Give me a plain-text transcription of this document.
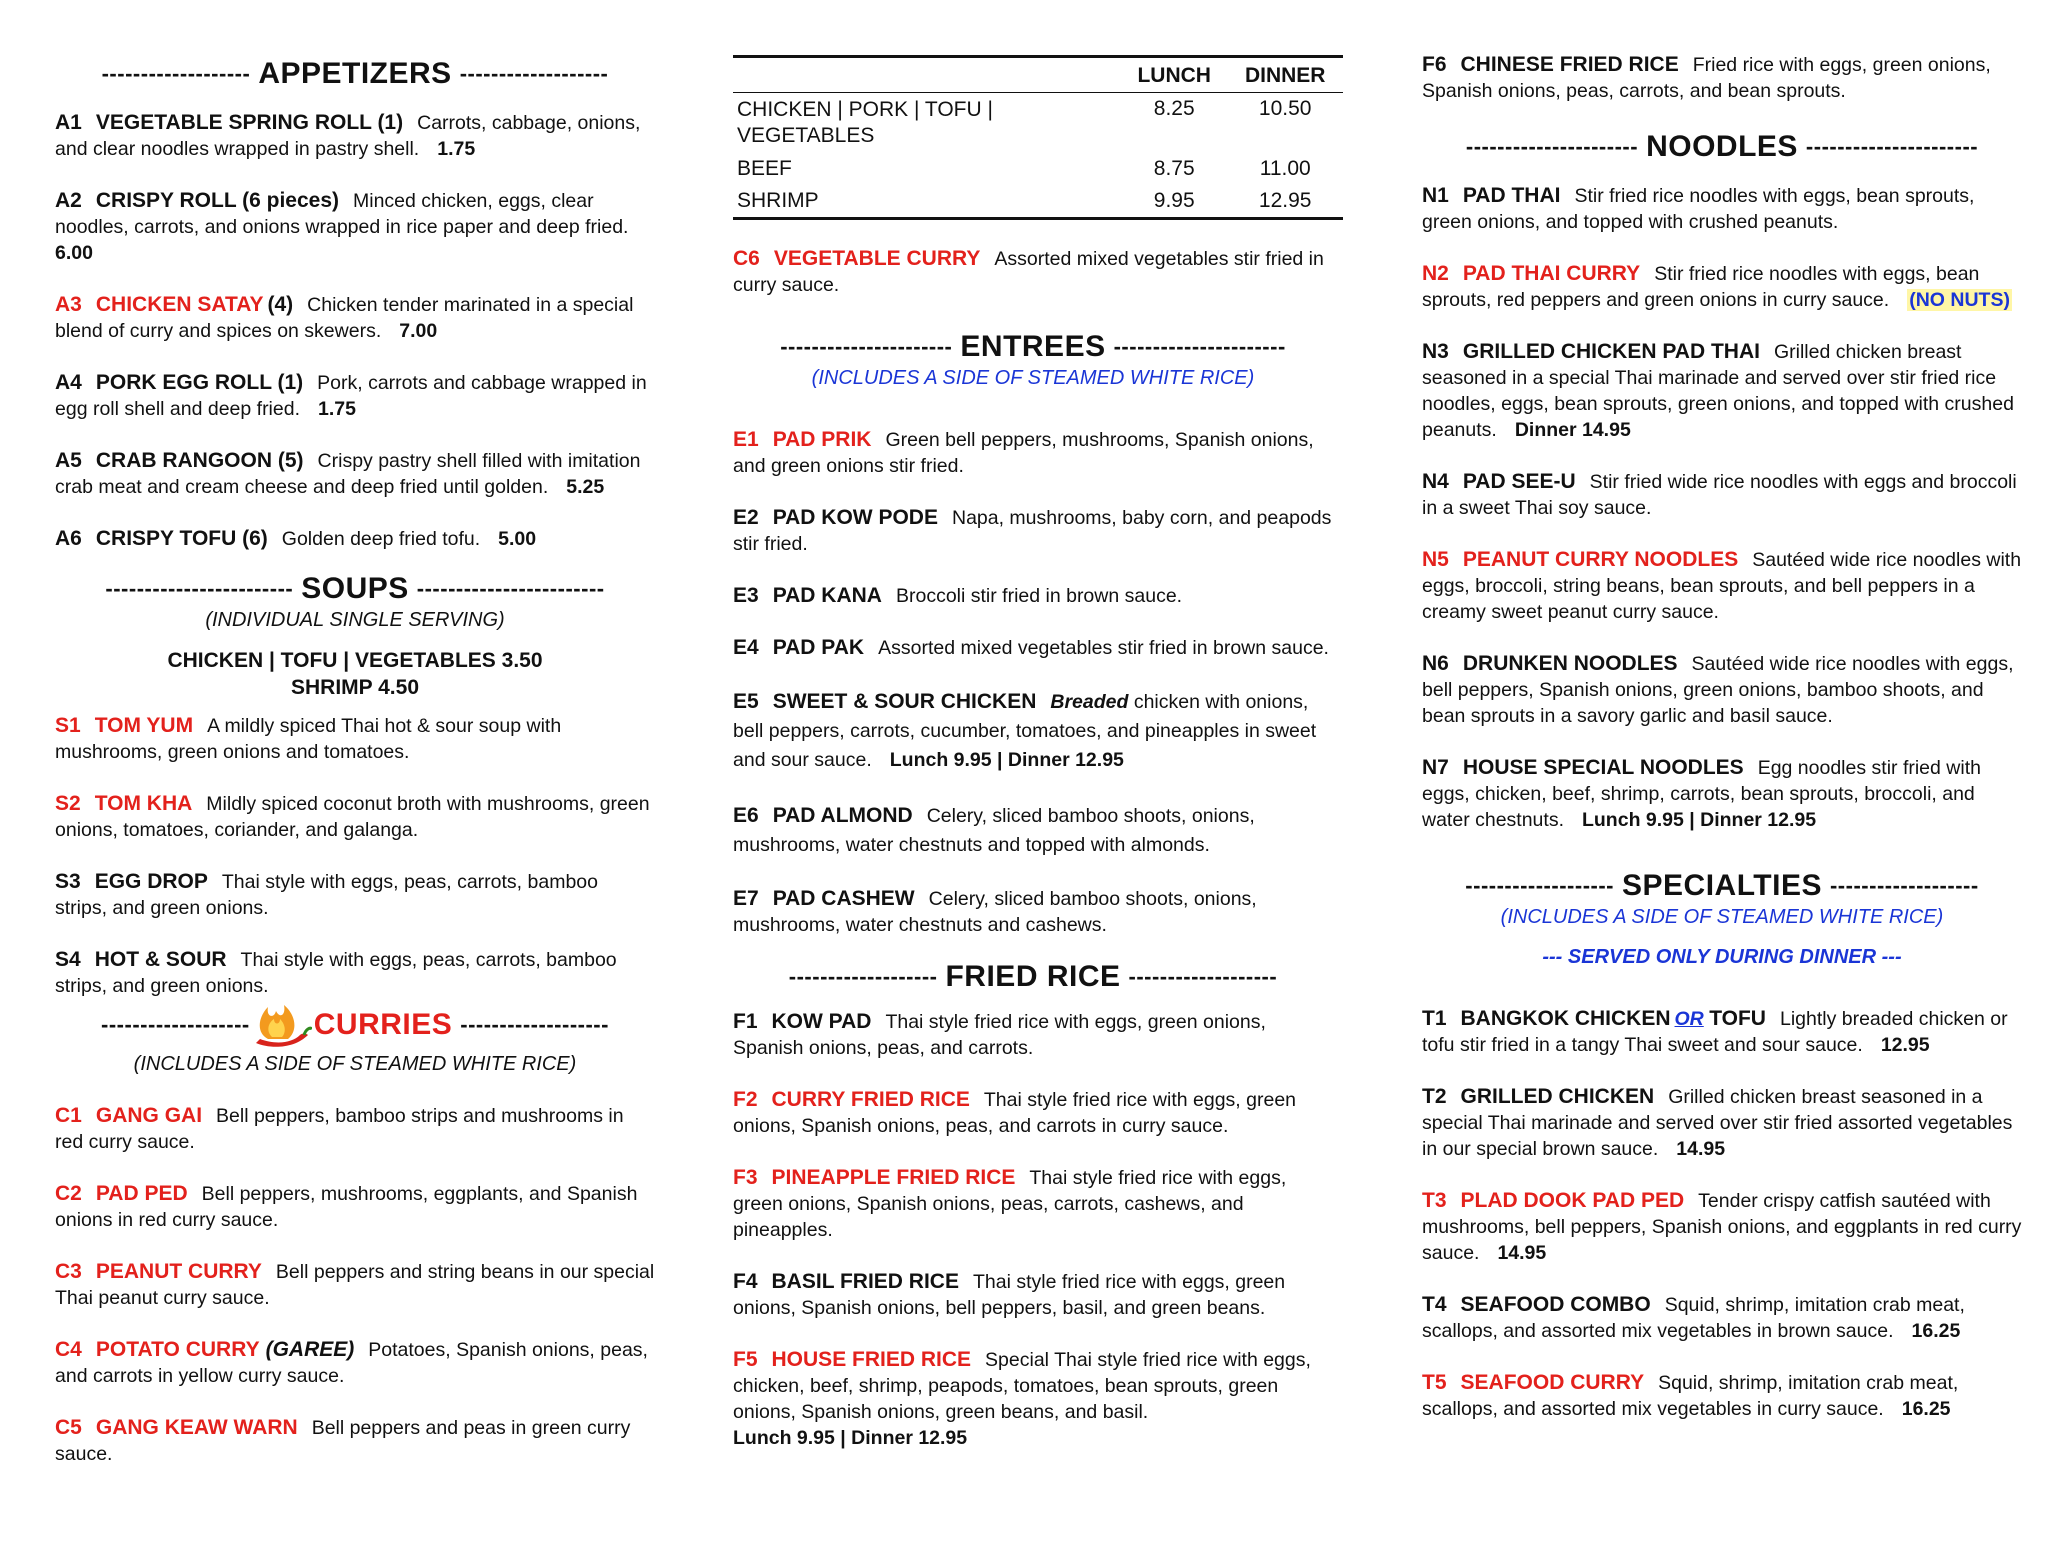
------------------- APPETIZERS -------------------
A1 VEGETABLE SPRING ROLL (1) Carrots, cabbage, onions, and clear noodles wrapped in pastry shell. 1.75
A2 CRISPY ROLL (6 pieces) Minced chicken, eggs, clear noodles, carrots, and onions wrapped in rice paper and deep fried.
6.00
A3 CHICKEN SATAY (4) Chicken tender marinated in a special blend of curry and spices on skewers. 7.00
A4 PORK EGG ROLL (1) Pork, carrots and cabbage wrapped in egg roll shell and deep fried. 1.75
A5 CRAB RANGOON (5) Crispy pastry shell filled with imitation crab meat and cream cheese and deep fried until golden. 5.25
A6 CRISPY TOFU (6) Golden deep fried tofu. 5.00
------------------------ SOUPS ------------------------
(INDIVIDUAL SINGLE SERVING)
CHICKEN | TOFU | VEGETABLES 3.50
SHRIMP 4.50
S1 TOM YUM A mildly spiced Thai hot & sour soup with mushrooms, green onions and tomatoes.
S2 TOM KHA Mildly spiced coconut broth with mushrooms, green onions, tomatoes, coriander, and galanga.
S3 EGG DROP Thai style with eggs, peas, carrots, bamboo strips, and green onions.
S4 HOT & SOUR Thai style with eggs, peas, carrots, bamboo strips, and green onions.
------------------- CURRIES -------------------
(INCLUDES A SIDE OF STEAMED WHITE RICE)
C1 GANG GAI Bell peppers, bamboo strips and mushrooms in red curry sauce.
C2 PAD PED Bell peppers, mushrooms, eggplants, and Spanish onions in red curry sauce.
C3 PEANUT CURRY Bell peppers and string beans in our special Thai peanut curry sauce.
C4 POTATO CURRY (GAREE) Potatoes, Spanish onions, peas, and carrots in yellow curry sauce.
C5 GANG KEAW WARN Bell peppers and peas in green curry sauce.
	LUNCH	DINNER
CHICKEN | PORK | TOFU | VEGETABLES	8.25	10.50
BEEF	8.75	11.00
SHRIMP	9.95	12.95
C6 VEGETABLE CURRY Assorted mixed vegetables stir fried in curry sauce.
---------------------- ENTREES ----------------------
(INCLUDES A SIDE OF STEAMED WHITE RICE)
E1 PAD PRIK Green bell peppers, mushrooms, Spanish onions, and green onions stir fried.
E2 PAD KOW PODE Napa, mushrooms, baby corn, and peapods stir fried.
E3 PAD KANA Broccoli stir fried in brown sauce.
E4 PAD PAK Assorted mixed vegetables stir fried in brown sauce.
E5 SWEET & SOUR CHICKEN Breaded chicken with onions, bell peppers, carrots, cucumber, tomatoes, and pineapples in sweet and sour sauce. Lunch 9.95 | Dinner 12.95
E6 PAD ALMOND Celery, sliced bamboo shoots, onions, mushrooms, water chestnuts and topped with almonds.
E7 PAD CASHEW Celery, sliced bamboo shoots, onions, mushrooms, water chestnuts and cashews.
------------------- FRIED RICE -------------------
F1 KOW PAD Thai style fried rice with eggs, green onions, Spanish onions, peas, and carrots.
F2 CURRY FRIED RICE Thai style fried rice with eggs, green onions, Spanish onions, peas, and carrots in curry sauce.
F3 PINEAPPLE FRIED RICE Thai style fried rice with eggs, green onions, Spanish onions, peas, carrots, cashews, and pineapples.
F4 BASIL FRIED RICE Thai style fried rice with eggs, green onions, Spanish onions, bell peppers, basil, and green beans.
F5 HOUSE FRIED RICE Special Thai style fried rice with eggs, chicken, beef, shrimp, peapods, tomatoes, bean sprouts, green onions, Spanish onions, green beans, and basil.
Lunch 9.95 | Dinner 12.95
F6 CHINESE FRIED RICE Fried rice with eggs, green onions, Spanish onions, peas, carrots, and bean sprouts.
---------------------- NOODLES ----------------------
N1 PAD THAI Stir fried rice noodles with eggs, bean sprouts, green onions, and topped with crushed peanuts.
N2 PAD THAI CURRY Stir fried rice noodles with eggs, bean sprouts, red peppers and green onions in curry sauce. (NO NUTS)
N3 GRILLED CHICKEN PAD THAI Grilled chicken breast seasoned in a special Thai marinade and served over stir fried rice noodles, eggs, bean sprouts, green onions, and topped with crushed peanuts. Dinner 14.95
N4 PAD SEE-U Stir fried wide rice noodles with eggs and broccoli in a sweet Thai soy sauce.
N5 PEANUT CURRY NOODLES Sautéed wide rice noodles with eggs, broccoli, string beans, bean sprouts, and bell peppers in a creamy sweet peanut curry sauce.
N6 DRUNKEN NOODLES Sautéed wide rice noodles with eggs, bell peppers, Spanish onions, green onions, bamboo shoots, and bean sprouts in a savory garlic and basil sauce.
N7 HOUSE SPECIAL NOODLES Egg noodles stir fried with eggs, chicken, beef, shrimp, carrots, bean sprouts, broccoli, and water chestnuts. Lunch 9.95 | Dinner 12.95
------------------- SPECIALTIES -------------------
(INCLUDES A SIDE OF STEAMED WHITE RICE)
--- SERVED ONLY DURING DINNER ---
T1 BANGKOK CHICKEN OR TOFU Lightly breaded chicken or tofu stir fried in a tangy Thai sweet and sour sauce. 12.95
T2 GRILLED CHICKEN Grilled chicken breast seasoned in a special Thai marinade and served over stir fried assorted vegetables in our special brown sauce. 14.95
T3 PLAD DOOK PAD PED Tender crispy catfish sautéed with mushrooms, bell peppers, Spanish onions, and eggplants in red curry sauce. 14.95
T4 SEAFOOD COMBO Squid, shrimp, imitation crab meat, scallops, and assorted mix vegetables in brown sauce. 16.25
T5 SEAFOOD CURRY Squid, shrimp, imitation crab meat, scallops, and assorted mix vegetables in curry sauce. 16.25
